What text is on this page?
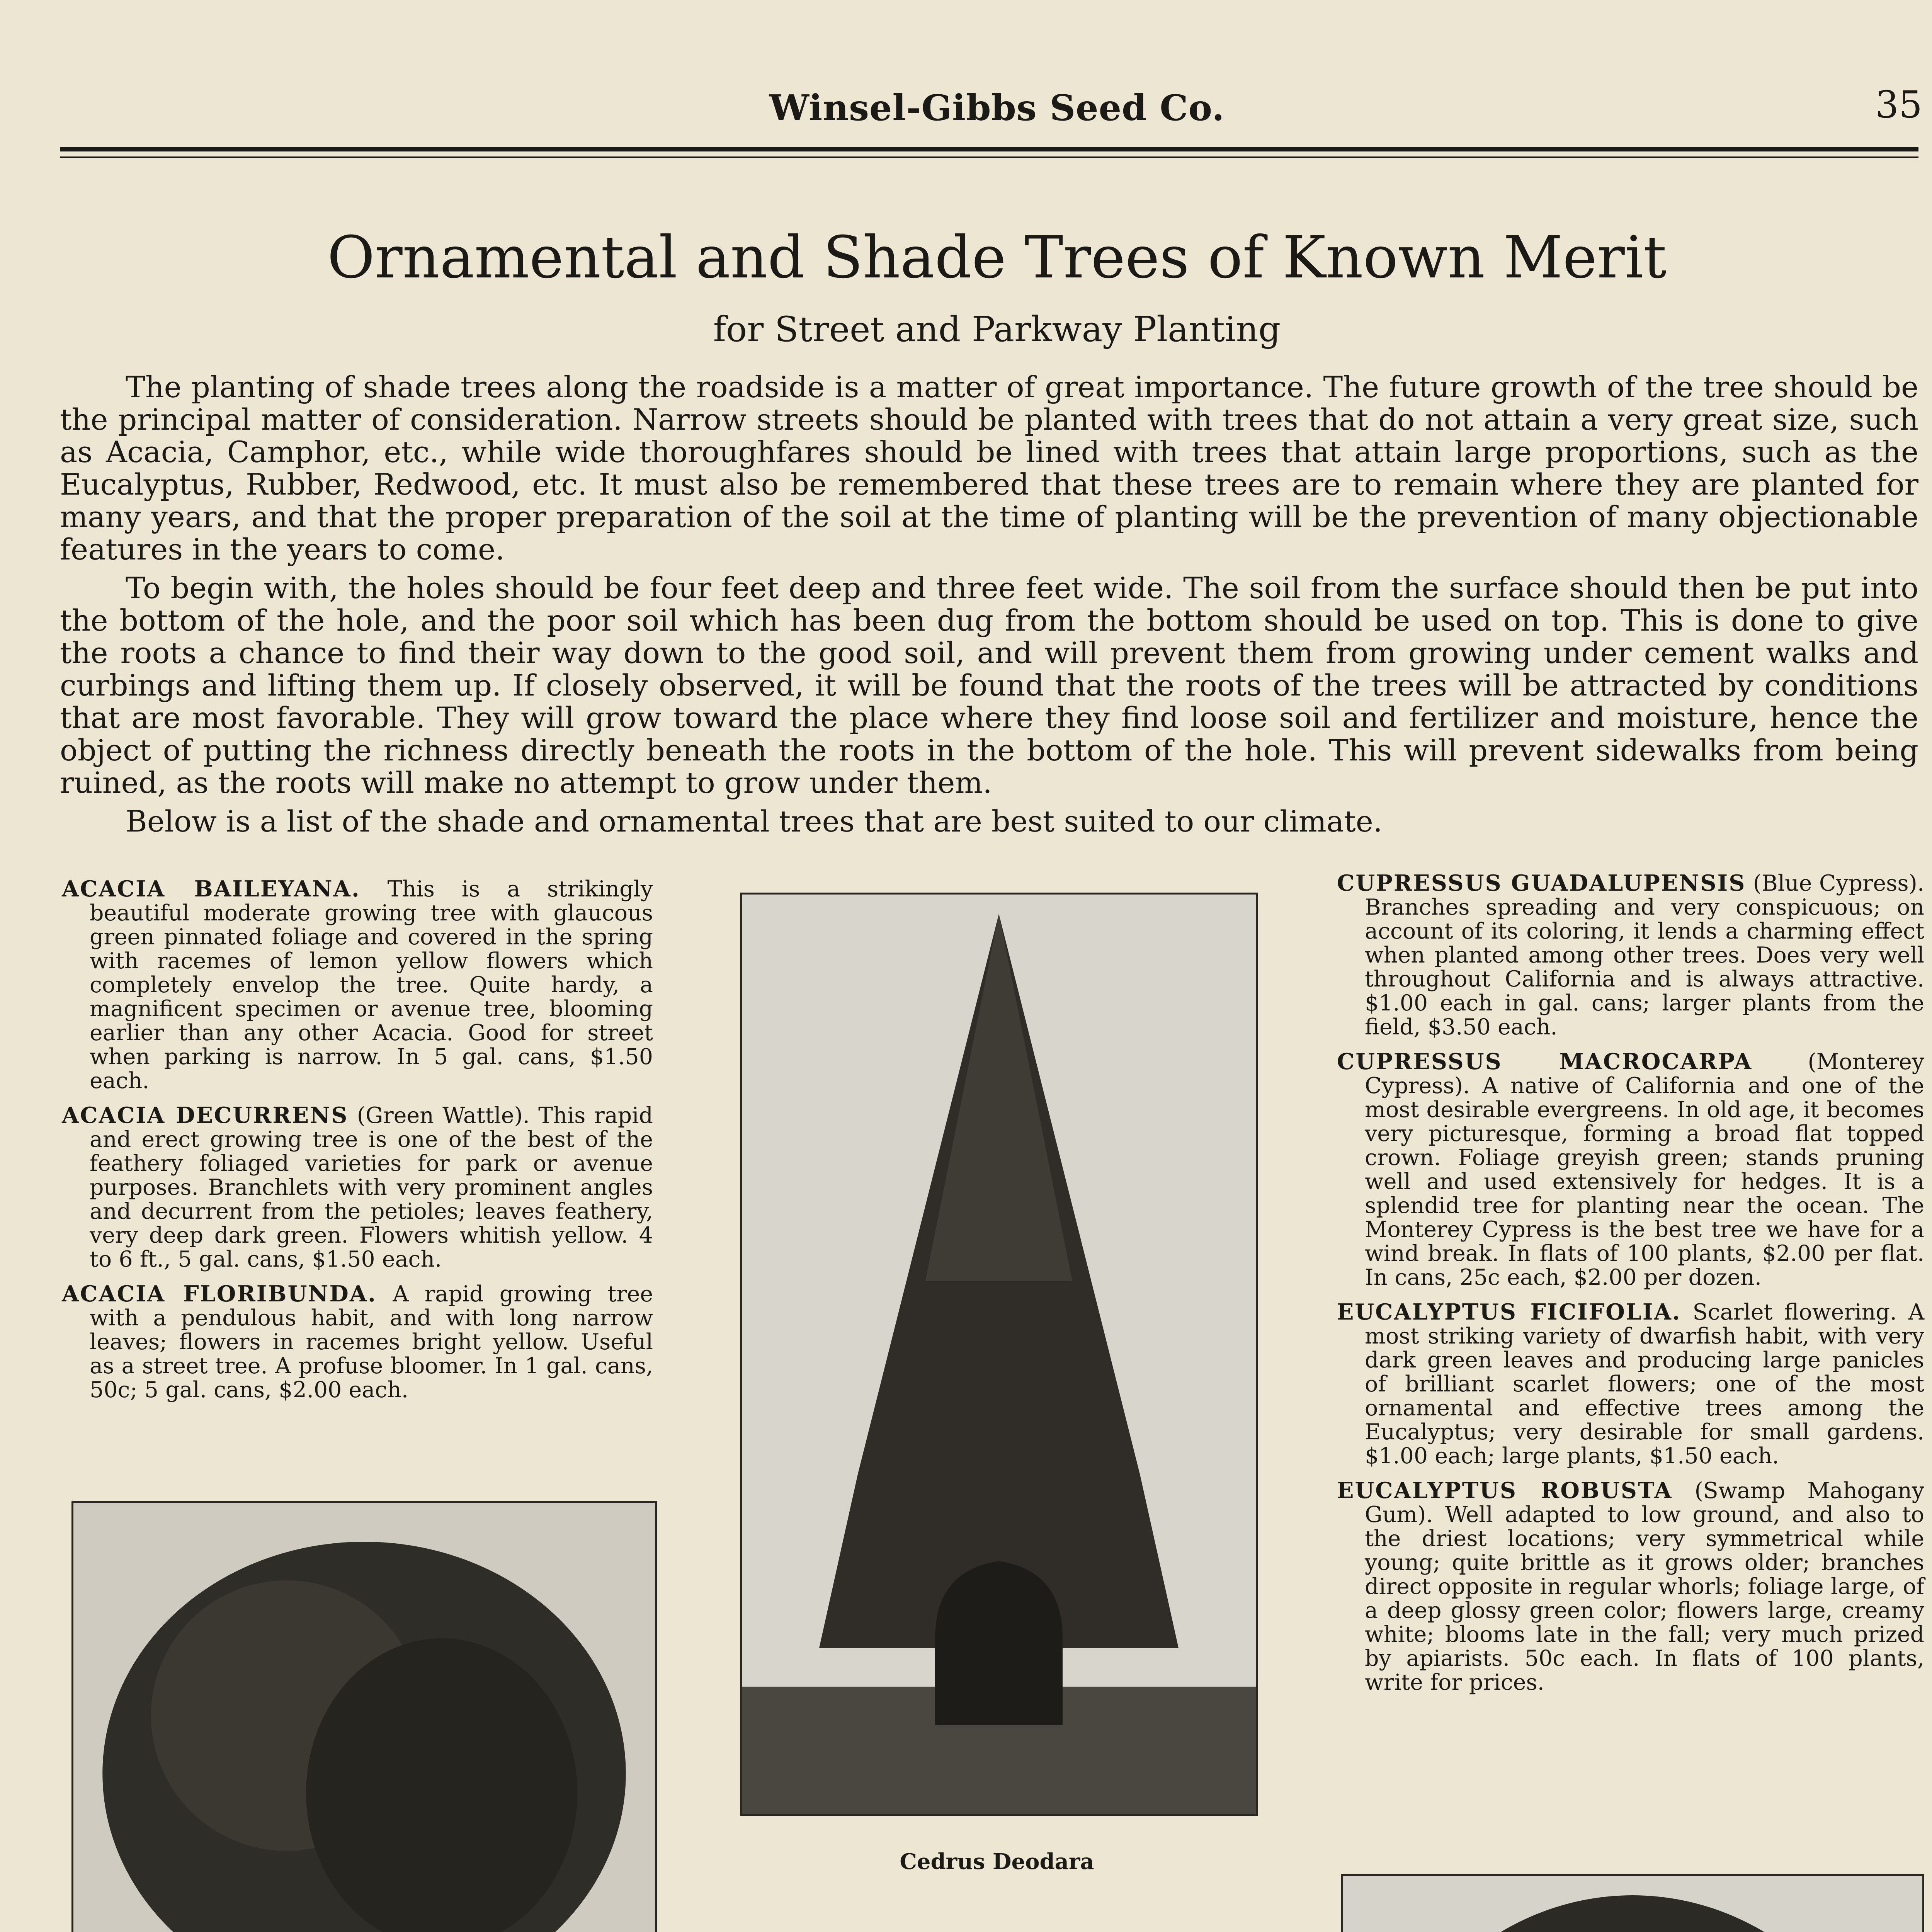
Winsel-Gibbs Seed Co.	35
Ornamental and Shade Trees of Known Merit
for Street and Parkway Planting

The planting of shade trees along the roadside is a matter of great importance. The future growth of the tree should be the principal matter of consideration. Narrow streets should be planted with trees that do not attain a very great size, such as Acacia, Camphor, etc., while wide thoroughfares should be lined with trees that attain large proportions, such as the Eucalyptus, Rubber, Redwood, etc. It must also be remembered that these trees are to remain where they are planted for many years, and that the proper preparation of the soil at the time of planting will be the prevention of many objectionable features in the years to come.

To begin with, the holes should be four feet deep and three feet wide. The soil from the surface should then be put into the bottom of the hole, and the poor soil which has been dug from the bottom should be used on top. This is done to give the roots a chance to find their way down to the good soil, and will prevent them from growing under cement walks and curbings and lifting them up. If closely observed, it will be found that the roots of the trees will be attracted by conditions that are most favorable. They will grow toward the place where they find loose soil and fertilizer and moisture, hence the object of putting the richness directly beneath the roots in the bottom of the hole. This will prevent sidewalks from being ruined, as the roots will make no attempt to grow under them.

Below is a list of the shade and ornamental trees that are best suited to our climate.

ACACIA BAILEYANA. This is a strikingly beautiful moderate growing tree with glaucous green pinnated foliage and covered in the spring with racemes of lemon yellow flowers which completely envelop the tree. Quite hardy, a magnificent specimen or avenue tree, blooming earlier than any other Acacia. Good for street when parking is narrow. In 5 gal. cans, $1.50 each.

ACACIA DECURRENS (Green Wattle). This rapid and erect growing tree is one of the best of the feathery foliaged varieties for park or avenue purposes. Branchlets with very prominent angles and decurrent from the petioles; leaves feathery, very deep dark green. Flowers whitish yellow. 4 to 6 ft., 5 gal. cans, $1.50 each.

ACACIA FLORIBUNDA. A rapid growing tree with a pendulous habit, and with long narrow leaves; flowers in racemes bright yellow. Useful as a street tree. A profuse bloomer. In 1 gal. cans, 50c; 5 gal. cans, $2.00 each.

Cedrus Deodara

CUPRESSUS GUADALUPENSIS (Blue Cypress). Branches spreading and very conspicuous; on account of its coloring, it lends a charming effect when planted among other trees. Does very well throughout California and is always attractive. $1.00 each in gal. cans; larger plants from the field, $3.50 each.

CUPRESSUS MACROCARPA (Monterey Cypress). A native of California and one of the most desirable evergreens. In old age, it becomes very picturesque, forming a broad flat topped crown. Foliage greyish green; stands pruning well and used extensively for hedges. It is a splendid tree for planting near the ocean. The Monterey Cypress is the best tree we have for a wind break. In flats of 100 plants, $2.00 per flat. In cans, 25c each, $2.00 per dozen.

EUCALYPTUS FICIFOLIA. Scarlet flowering. A most striking variety of dwarfish habit, with very dark green leaves and producing large panicles of brilliant scarlet flowers; one of the most ornamental and effective trees among the Eucalyptus; very desirable for small gardens. $1.00 each; large plants, $1.50 each.

EUCALYPTUS ROBUSTA (Swamp Mahogany Gum). Well adapted to low ground, and also to the driest locations; very symmetrical while young; quite brittle as it grows older; branches direct opposite in regular whorls; foliage large, of a deep glossy green color; flowers large, creamy white; blooms late in the fall; very much prized by apiarists. 50c each. In flats of 100 plants, write for prices.
